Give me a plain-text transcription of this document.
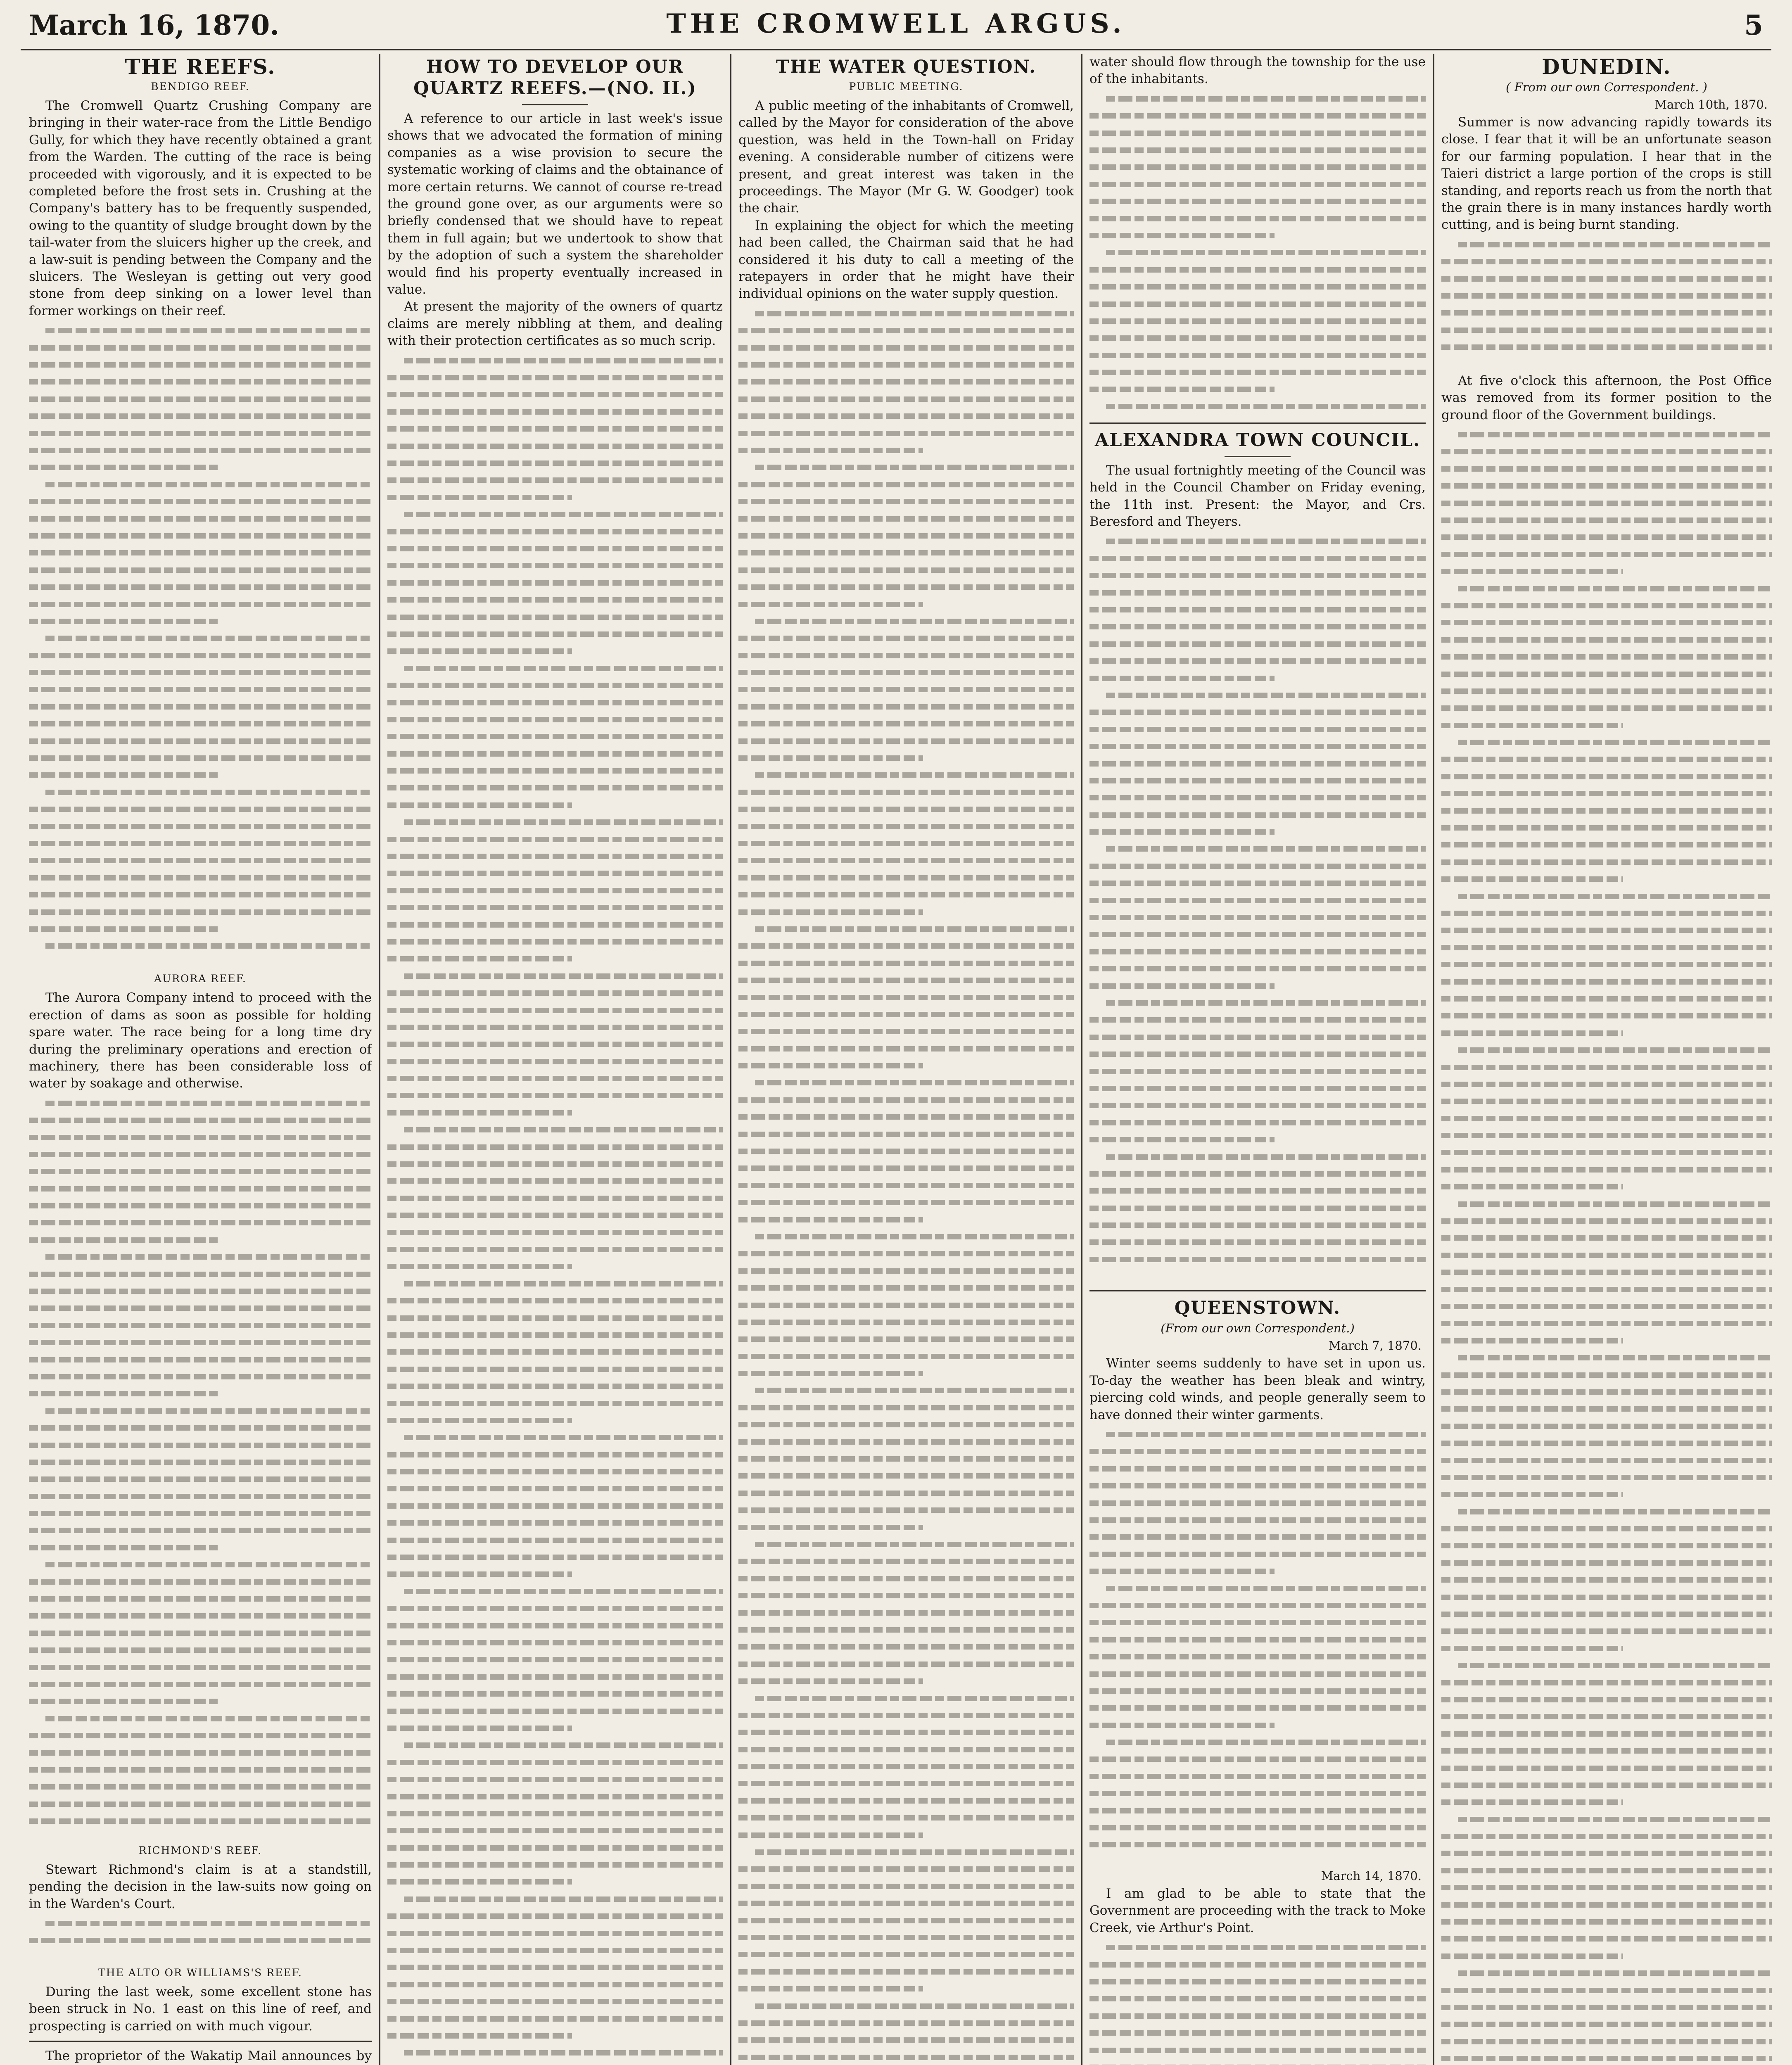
March 16, 1870.	THE CROMWELL ARGUS.	5
THE REEFS.
BENDIGO REEF.
The Cromwell Quartz Crushing Company are bringing in their water-race from the Little Bendigo Gully, for which they have recently obtained a grant from the Warden. The cutting of the race is being proceeded with vigorously, and it is expected to be completed before the frost sets in. Crushing at the Company's battery has to be frequently suspended, owing to the quantity of sludge brought down by the tail-water from the sluicers higher up the creek, and a law-suit is pending between the Company and the sluicers. The Wesleyan is getting out very good stone from deep sinking on a lower level than former workings on their reef.
AURORA REEF.
The Aurora Company intend to proceed with the erection of dams as soon as possible for holding spare water. The race being for a long time dry during the preliminary operations and erection of machinery, there has been considerable loss of water by soakage and otherwise.
RICHMOND'S REEF.
Stewart Richmond's claim is at a standstill, pending the decision in the law-suits now going on in the Warden's Court.
THE ALTO OR WILLIAMS'S REEF.
During the last week, some excellent stone has been struck in No. 1 east on this line of reef, and prospecting is carried on with much vigour.
The proprietor of the Wakatip Mail announces by
HOW TO DEVELOP OUR QUARTZ REEFS.—(NO. II.)
A reference to our article in last week's issue shows that we advocated the formation of mining companies as a wise provision to secure the systematic working of claims and the obtainance of more certain returns. We cannot of course re-tread the ground gone over, as our arguments were so briefly condensed that we should have to repeat them in full again; but we undertook to show that by the adoption of such a system the shareholder would find his property eventually increased in value.
At present the majority of the owners of quartz claims are merely nibbling at them, and dealing with their protection certificates as so much scrip.
THE WATER QUESTION.
PUBLIC MEETING.
A public meeting of the inhabitants of Cromwell, called by the Mayor for consideration of the above question, was held in the Town-hall on Friday evening. A considerable number of citizens were present, and great interest was taken in the proceedings. The Mayor (Mr G. W. Goodger) took the chair.
In explaining the object for which the meeting had been called, the Chairman said that he had considered it his duty to call a meeting of the ratepayers in order that he might have their individual opinions on the water supply question.
water should flow through the township for the use of the inhabitants.
ALEXANDRA TOWN COUNCIL.
The usual fortnightly meeting of the Council was held in the Council Chamber on Friday evening, the 11th inst. Present: the Mayor, and Crs. Beresford and Theyers.
QUEENSTOWN.
(From our own Correspondent.)
March 7, 1870.
Winter seems suddenly to have set in upon us. To-day the weather has been bleak and wintry, piercing cold winds, and people generally seem to have donned their winter garments.
March 14, 1870.
I am glad to be able to state that the Government are proceeding with the track to Moke Creek, vie Arthur's Point.
DUNEDIN.
( From our own Correspondent. )
March 10th, 1870.
Summer is now advancing rapidly towards its close. I fear that it will be an unfortunate season for our farming population. I hear that in the Taieri district a large portion of the crops is still standing, and reports reach us from the north that the grain there is in many instances hardly worth cutting, and is being burnt standing.
At five o'clock this afternoon, the Post Office was removed from its former position to the ground floor of the Government buildings.
